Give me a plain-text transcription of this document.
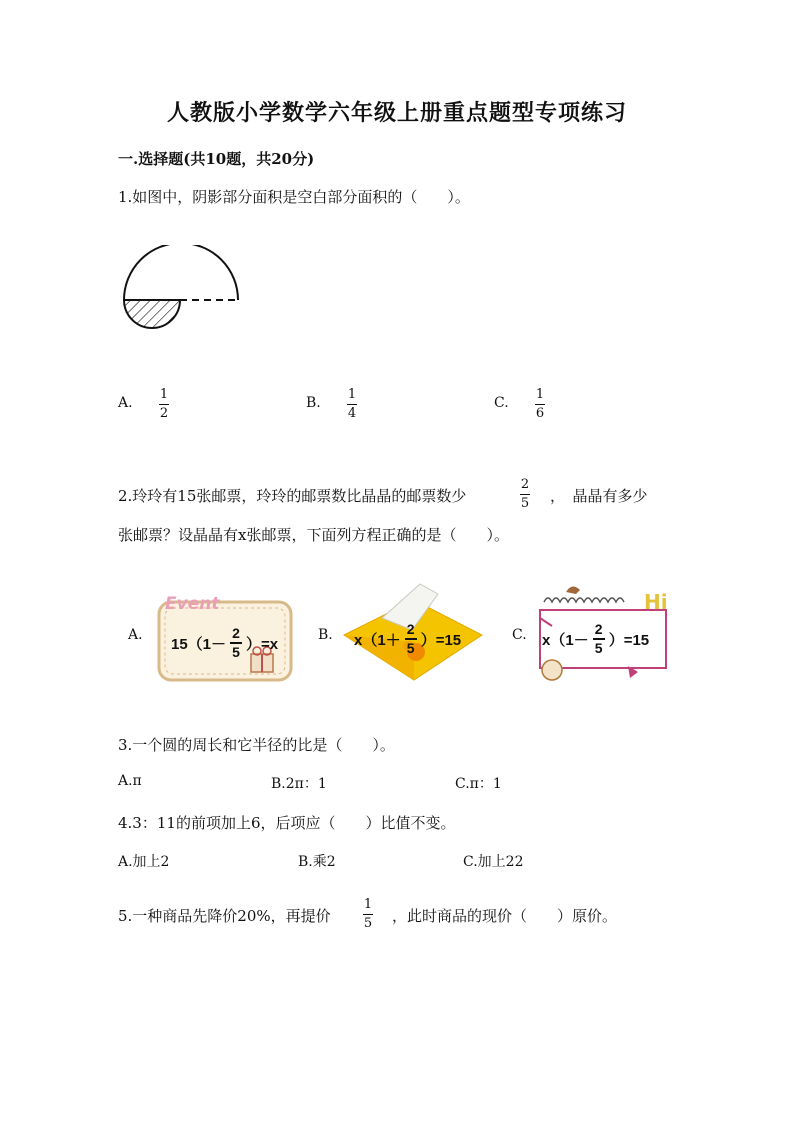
人教版小学数学六年级上册重点题型专项练习
一.选择题(共10题，共20分)
1.如图中，阴影部分面积是空白部分面积的（　　）。
A.
1
2
B.
1
4
C.
1
6
2.玲玲有15张邮票，玲玲的邮票数比晶晶的邮票数少
2
5 ，　晶晶有多少
张邮票？设晶晶有x张邮票，下面列方程正确的是（　　）。
A.
Event
15（1－
2
5 ）=x
B. x（1＋
2
5 ）=15	C.
Hi
x（1－
2
5 ）=15
3.一个圆的周长和它半径的比是（　　）。
A.π	B.2π：1	C.π：1
4.3：11的前项加上6，后项应（　　）比值不变。
A.加上2	B.乘2	C.加上22
5.一种商品先降价20%，再提价
1
5 ，此时商品的现价（　　）原价。
